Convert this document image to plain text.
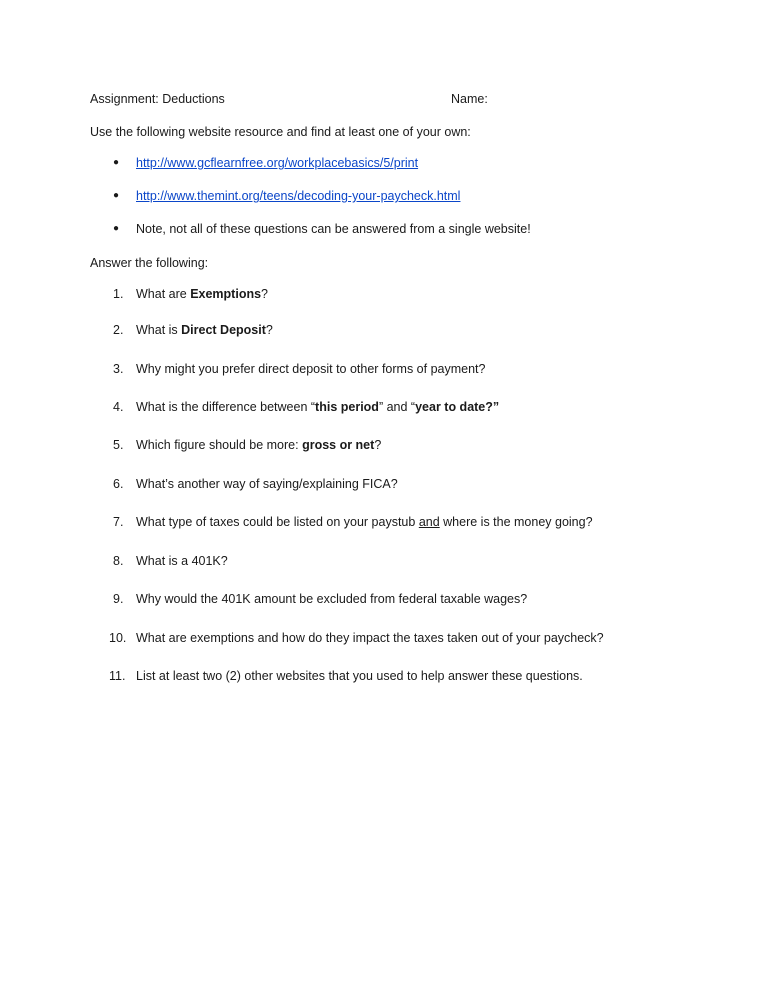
Assignment: Deductions	Name:
Use the following website resource and find at least one of your own:
● http://www.gcflearnfree.org/workplacebasics/5/print
● http://www.themint.org/teens/decoding-your-paycheck.html
● Note, not all of these questions can be answered from a single website!
Answer the following:
1. What are Exemptions?
2. What is Direct Deposit?
3. Why might you prefer direct deposit to other forms of payment?
4. What is the difference between “this period” and “year to date?”
5. Which figure should be more: gross or net?
6. What’s another way of saying/explaining FICA?
7. What type of taxes could be listed on your paystub and where is the money going?
8. What is a 401K?
9. Why would the 401K amount be excluded from federal taxable wages?
10. What are exemptions and how do they impact the taxes taken out of your paycheck?
11. List at least two (2) other websites that you used to help answer these questions.
